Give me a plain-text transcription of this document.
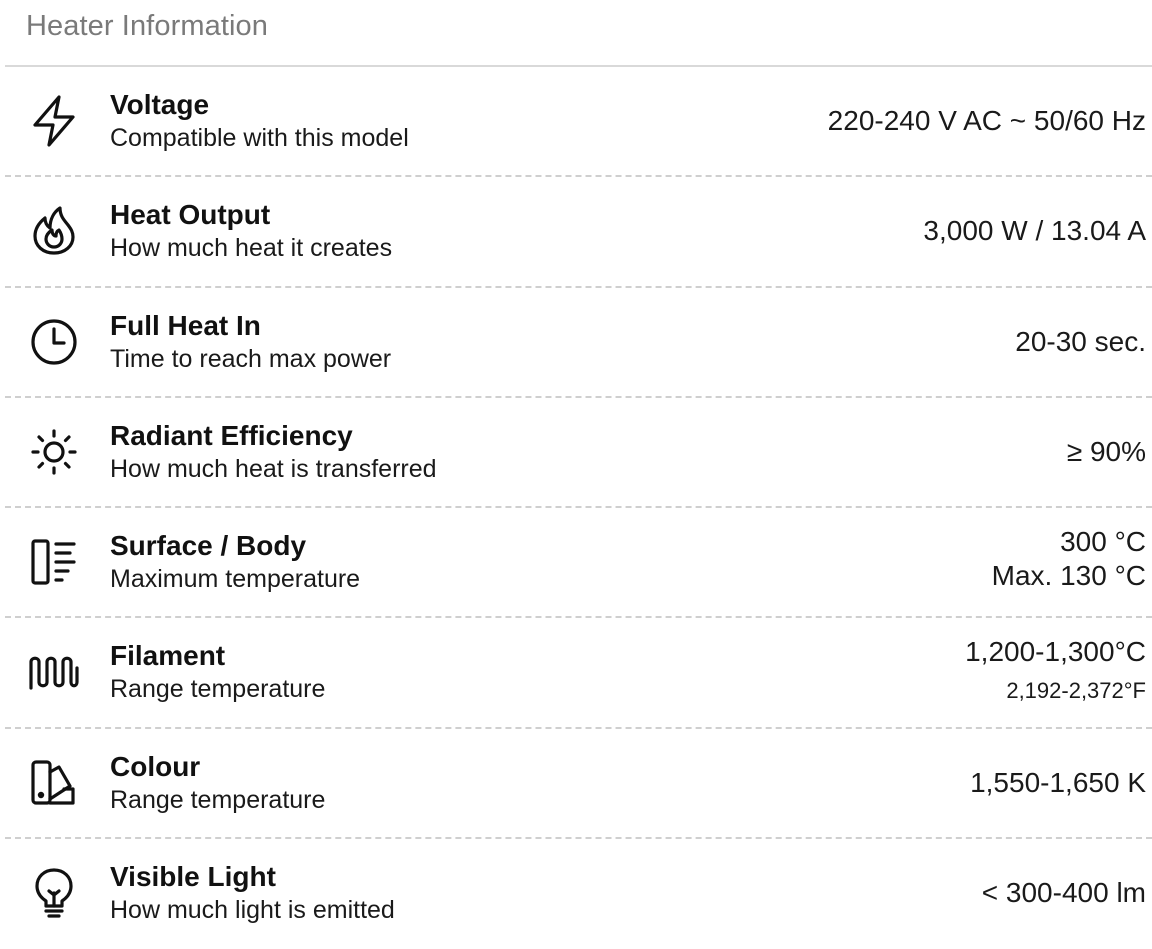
Heater Information
Voltage
Compatible with this model
220-240 V AC ~ 50/60 Hz
Heat Output
How much heat it creates
3,000 W / 13.04 A
Full Heat In
Time to reach max power
20-30 sec.
Radiant Efficiency
How much heat is transferred
≥ 90%
Surface / Body
Maximum temperature
300 °C
Max. 130 °C
Filament
Range temperature
1,200-1,300°C
2,192-2,372°F
Colour
Range temperature
1,550-1,650 K
Visible Light
How much light is emitted
< 300-400 lm
